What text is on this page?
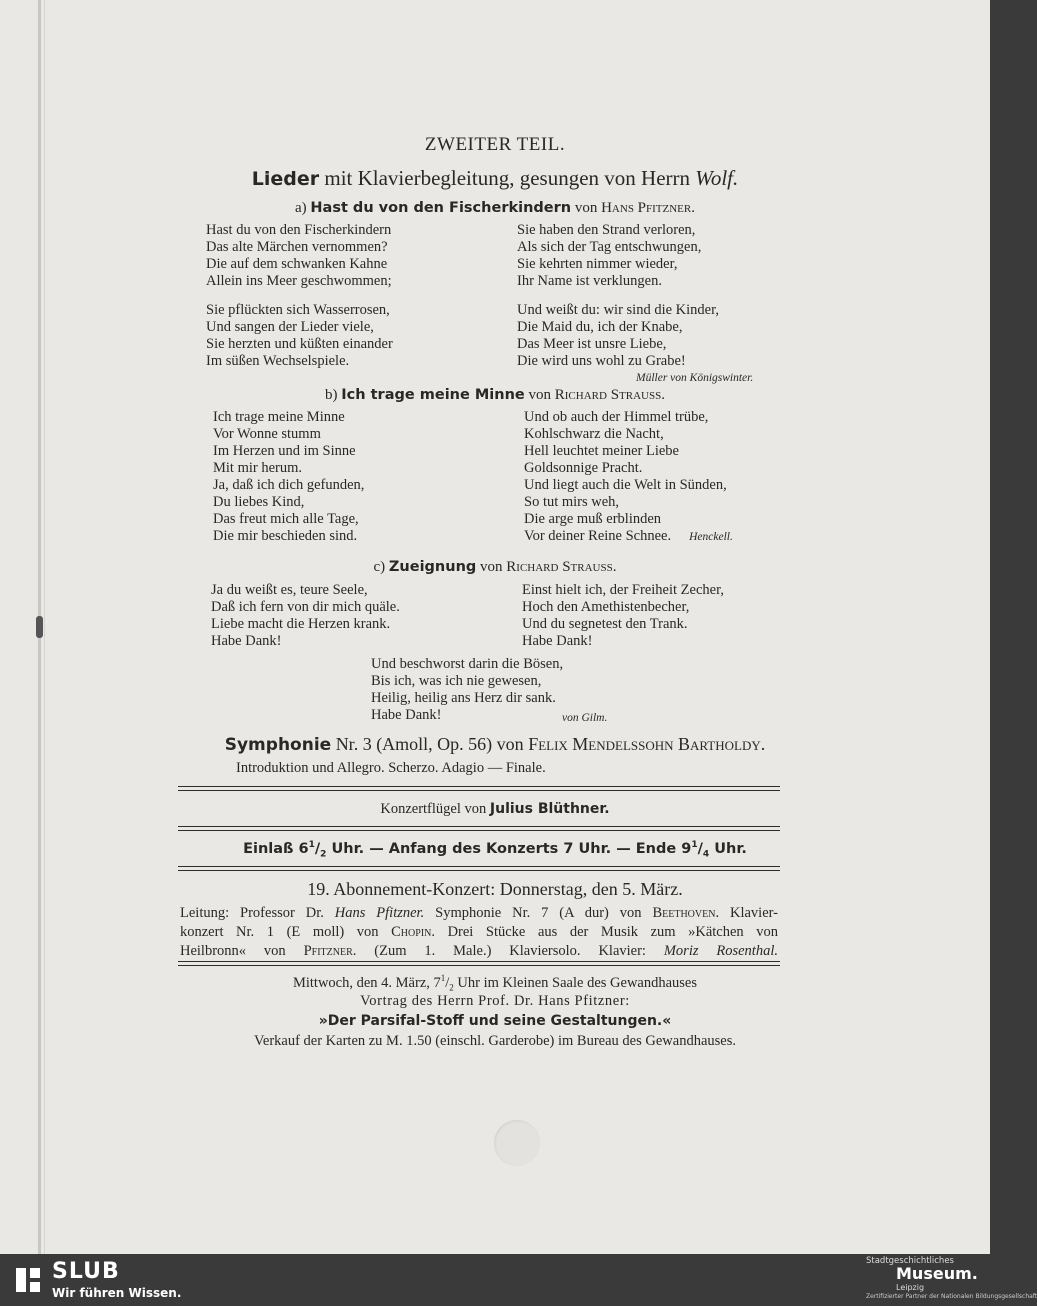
ZWEITER TEIL.
Lieder mit Klavierbegleitung, gesungen von Herrn Wolf.
a) Hast du von den Fischerkindern von Hans Pfitzner.
Hast du von den Fischerkindern
Das alte Märchen vernommen?
Die auf dem schwanken Kahne
Allein ins Meer geschwommen;
Sie pflückten sich Wasserrosen,
Und sangen der Lieder viele,
Sie herzten und küßten einander
Im süßen Wechselspiele.
Sie haben den Strand verloren,
Als sich der Tag entschwungen,
Sie kehrten nimmer wieder,
Ihr Name ist verklungen.
Und weißt du: wir sind die Kinder,
Die Maid du, ich der Knabe,
Das Meer ist unsre Liebe,
Die wird uns wohl zu Grabe!
Müller von Königswinter.
b) Ich trage meine Minne von Richard Strauss.
Ich trage meine Minne
Vor Wonne stumm
Im Herzen und im Sinne
Mit mir herum.
Ja, daß ich dich gefunden,
Du liebes Kind,
Das freut mich alle Tage,
Die mir beschieden sind.
Und ob auch der Himmel trübe,
Kohlschwarz die Nacht,
Hell leuchtet meiner Liebe
Goldsonnige Pracht.
Und liegt auch die Welt in Sünden,
So tut mirs weh,
Die arge muß erblinden
Vor deiner Reine Schnee. Henckell.
c) Zueignung von Richard Strauss.
Ja du weißt es, teure Seele,
Daß ich fern von dir mich quäle.
Liebe macht die Herzen krank.
Habe Dank!
Einst hielt ich, der Freiheit Zecher,
Hoch den Amethistenbecher,
Und du segnetest den Trank.
Habe Dank!
Und beschworst darin die Bösen,
Bis ich, was ich nie gewesen,
Heilig, heilig ans Herz dir sank.
Habe Dank!	von Gilm.
Symphonie Nr. 3 (Amoll, Op. 56) von Felix Mendelssohn Bartholdy.
Introduktion und Allegro. Scherzo. Adagio — Finale.
Konzertflügel von Julius Blüthner.
Einlaß $6^1/_2$ Uhr. — Anfang des Konzerts 7 Uhr. — Ende $9^1/_4$ Uhr.
19. Abonnement-Konzert: Donnerstag, den 5. März.
Leitung: Professor Dr. Hans Pfitzner. Symphonie Nr. 7 (A dur) von Beethoven. Klavier-
konzert Nr. 1 (E moll) von Chopin. Drei Stücke aus der Musik zum »Kätchen von
Heilbronn« von Pfitzner. (Zum 1. Male.) Klaviersolo. Klavier: Moriz Rosenthal.
Mittwoch, den 4. März, $7^1/_2$ Uhr im Kleinen Saale des Gewandhauses
Vortrag des Herrn Prof. Dr. Hans Pfitzner:
»Der Parsifal-Stoff und seine Gestaltungen.«
Verkauf der Karten zu M. 1.50 (einschl. Garderobe) im Bureau des Gewandhauses.
SLUB
Wir führen Wissen.
Stadtgeschichtliches
Museum.
Leipzig
Zertifizierter Partner der Nationalen Bildungsgesellschaft
